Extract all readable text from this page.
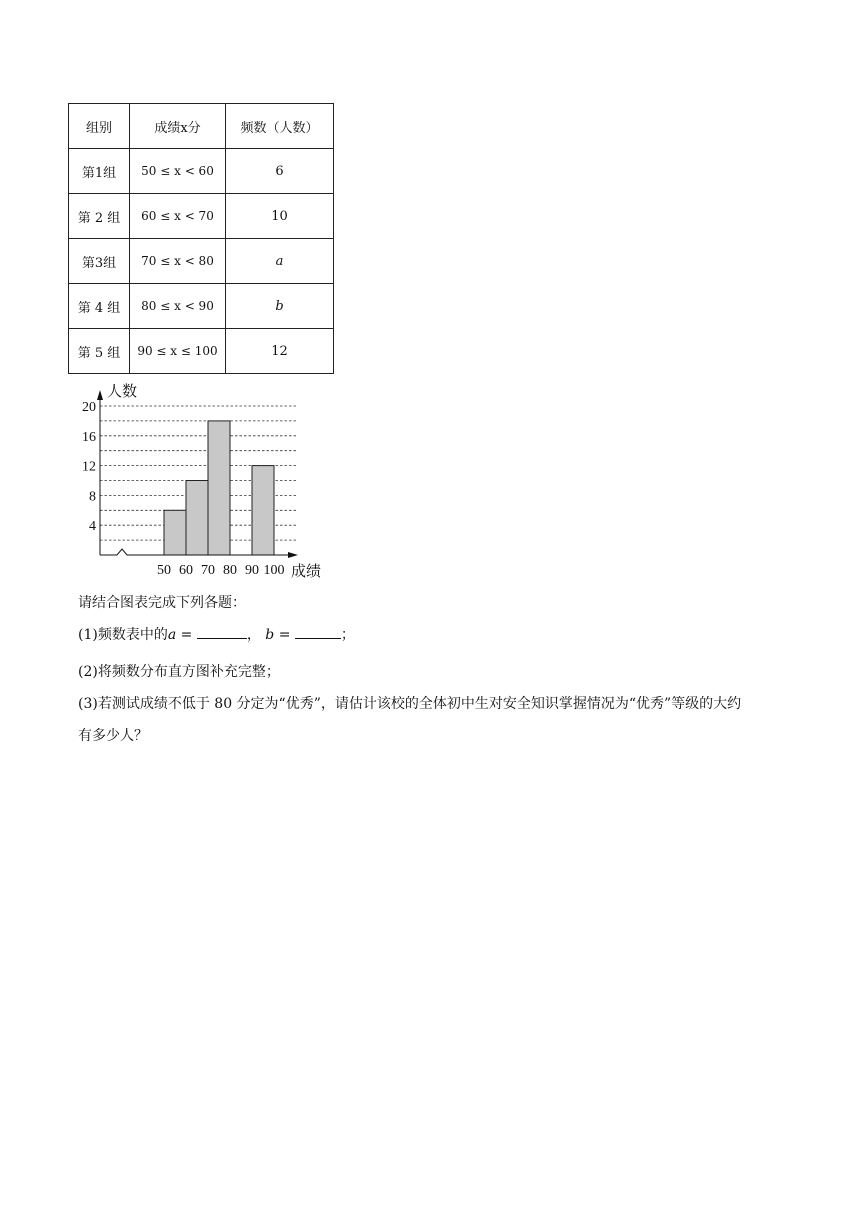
组别	成绩x分	频数（人数）
第1组	50 ≤ x < 60	6
第 2 组	60 ≤ x < 70	10
第3组	70 ≤ x < 80	a
第 4 组	80 ≤ x < 90	b
第 5 组	90 ≤ x ≤ 100	12
4
8
12
16
20
50 60 70 80 90 100
人数
成绩
请结合图表完成下列各题：
(1)频数表中的a =	， b =	；
(2)将频数分布直方图补充完整；
(3)若测试成绩不低于 80 分定为“优秀”，请估计该校的全体初中生对安全知识掌握情况为“优秀”等级的大约
有多少人？
